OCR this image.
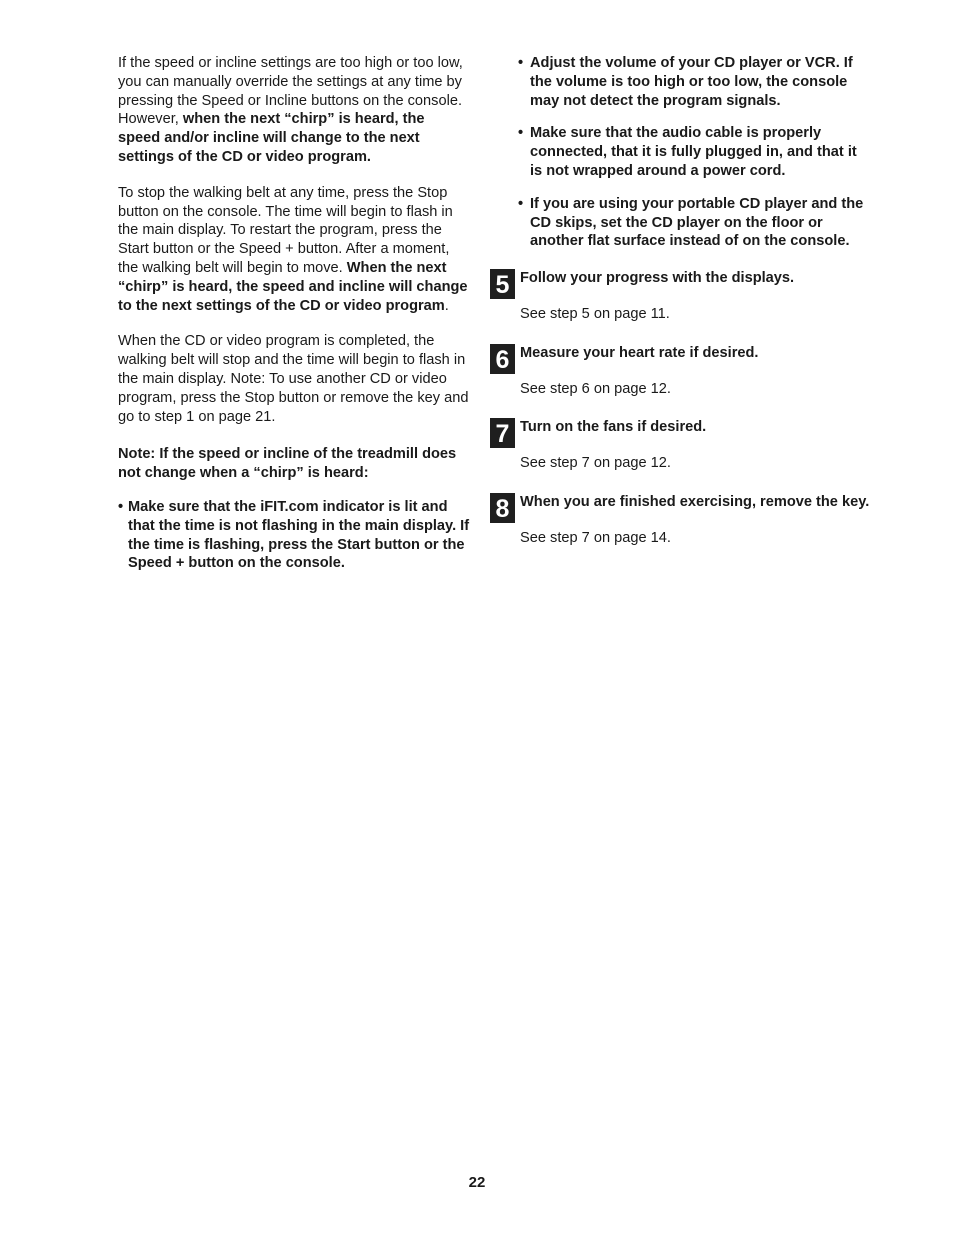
If the speed or incline settings are too high or too low, you can manually override the settings at any time by pressing the Speed or Incline buttons on the console. However, when the next “chirp” is heard, the speed and/or incline will change to the next settings of the CD or video program.

To stop the walking belt at any time, press the Stop button on the console. The time will begin to flash in the main display. To restart the program, press the Start button or the Speed + button. After a moment, the walking belt will begin to move. When the next “chirp” is heard, the speed and incline will change to the next settings of the CD or video program.

When the CD or video program is completed, the walking belt will stop and the time will begin to flash in the main display. Note: To use another CD or video program, press the Stop button or remove the key and go to step 1 on page 21.

Note: If the speed or incline of the treadmill does not change when a “chirp” is heard:

• Make sure that the iFIT.com indicator is lit and that the time is not flashing in the main display. If the time is flashing, press the Start button or the Speed + button on the console.
• Adjust the volume of your CD player or VCR. If the volume is too high or too low, the console may not detect the program signals.
• Make sure that the audio cable is properly connected, that it is fully plugged in, and that it is not wrapped around a power cord.
• If you are using your portable CD player and the CD skips, set the CD player on the floor or another flat surface instead of on the console.
5 Follow your progress with the displays.
See step 5 on page 11.
6 Measure your heart rate if desired.
See step 6 on page 12.
7 Turn on the fans if desired.
See step 7 on page 12.
8 When you are finished exercising, remove the key.
See step 7 on page 14.
22
